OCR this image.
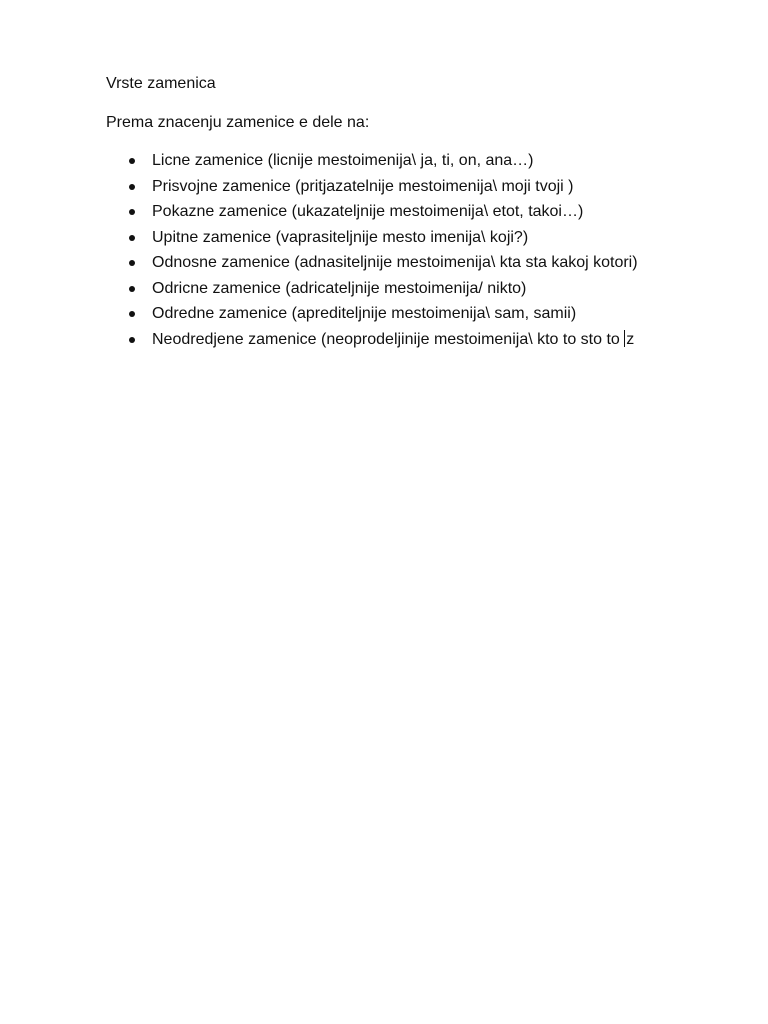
Vrste zamenica

Prema znacenju zamenice e dele na:

Licne zamenice (licnije mestoimenija\ ja, ti, on, ana…)
Prisvojne zamenice (pritjazatelnije mestoimenija\ moji tvoji )
Pokazne zamenice (ukazateljnije mestoimenija\ etot, takoi…)
Upitne zamenice (vaprasiteljnije mesto imenija\ koji?)
Odnosne zamenice (adnasiteljnije mestoimenija\ kta sta kakoj kotori)
Odricne zamenice (adricateljnije mestoimenija/ nikto)
Odredne zamenice (aprediteljnije mestoimenija\ sam, samii)
Neodredjene zamenice (neoprodeljinije mestoimenija\ kto to sto to z
